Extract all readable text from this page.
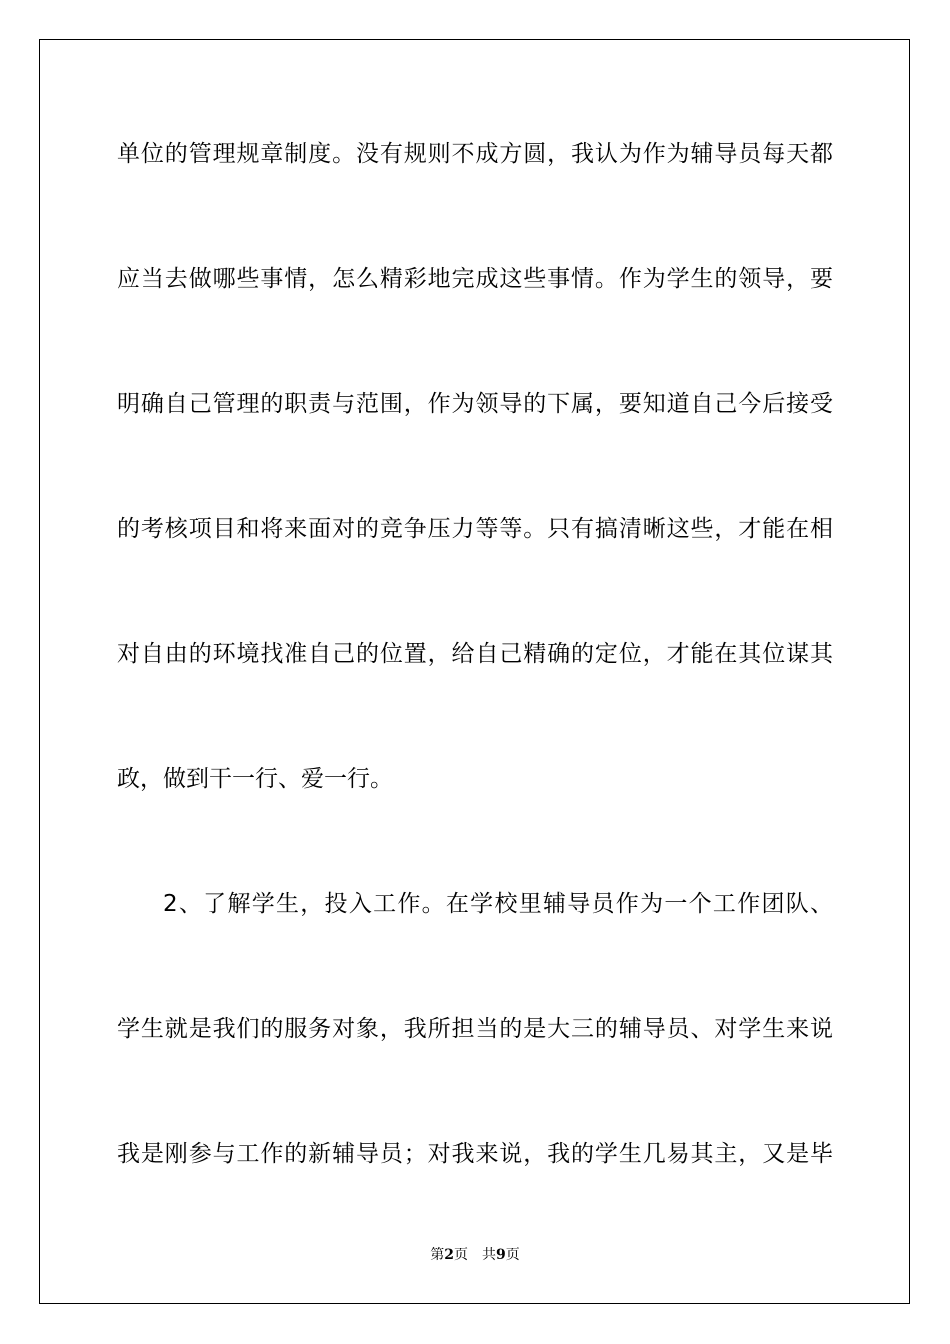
单位的管理规章制度。没有规则不成方圆，我认为作为辅导员每天都
应当去做哪些事情，怎么精彩地完成这些事情。作为学生的领导，要
明确自己管理的职责与范围，作为领导的下属，要知道自己今后接受
的考核项目和将来面对的竞争压力等等。只有搞清晰这些，才能在相
对自由的环境找准自己的位置，给自己精确的定位，才能在其位谋其
政，做到干一行、爱一行。
2、了解学生，投入工作。在学校里辅导员作为一个工作团队、
学生就是我们的服务对象，我所担当的是大三的辅导员、对学生来说
我是刚参与工作的新辅导员；对我来说，我的学生几易其主，又是毕
第2页 共9页
